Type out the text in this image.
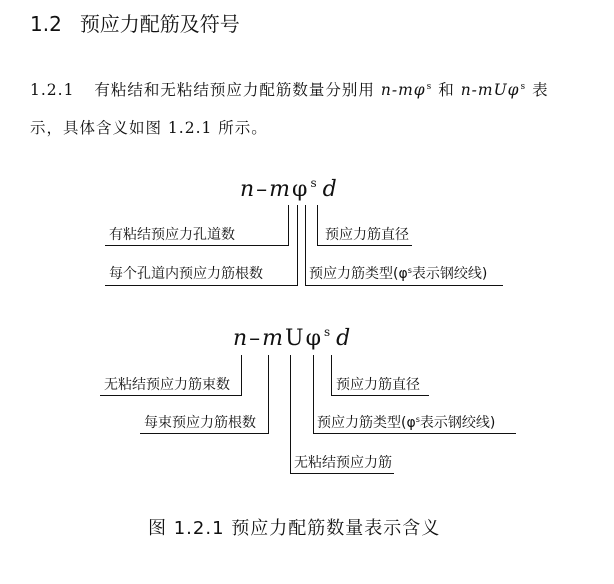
1.2 预应力配筋及符号
1.2.1 有粘结和无粘结预应力配筋数量分别用 $n-m\varphi^s$ 和 n-mUφ$^s$ 表
示，具体含义如图 1.2.1 所示。
$n-m\varphi^s$ d
有粘结预应力孔道数
每个孔道内预应力筋根数
预应力筋直径
预应力筋类型($\varphi^s$表示钢绞线)
n–mUφ$^s$ d
无粘结预应力筋束数
每束预应力筋根数
预应力筋直径
预应力筋类型($\varphi^s$表示钢绞线)
无粘结预应力筋
图 1.2.1 预应力配筋数量表示含义
